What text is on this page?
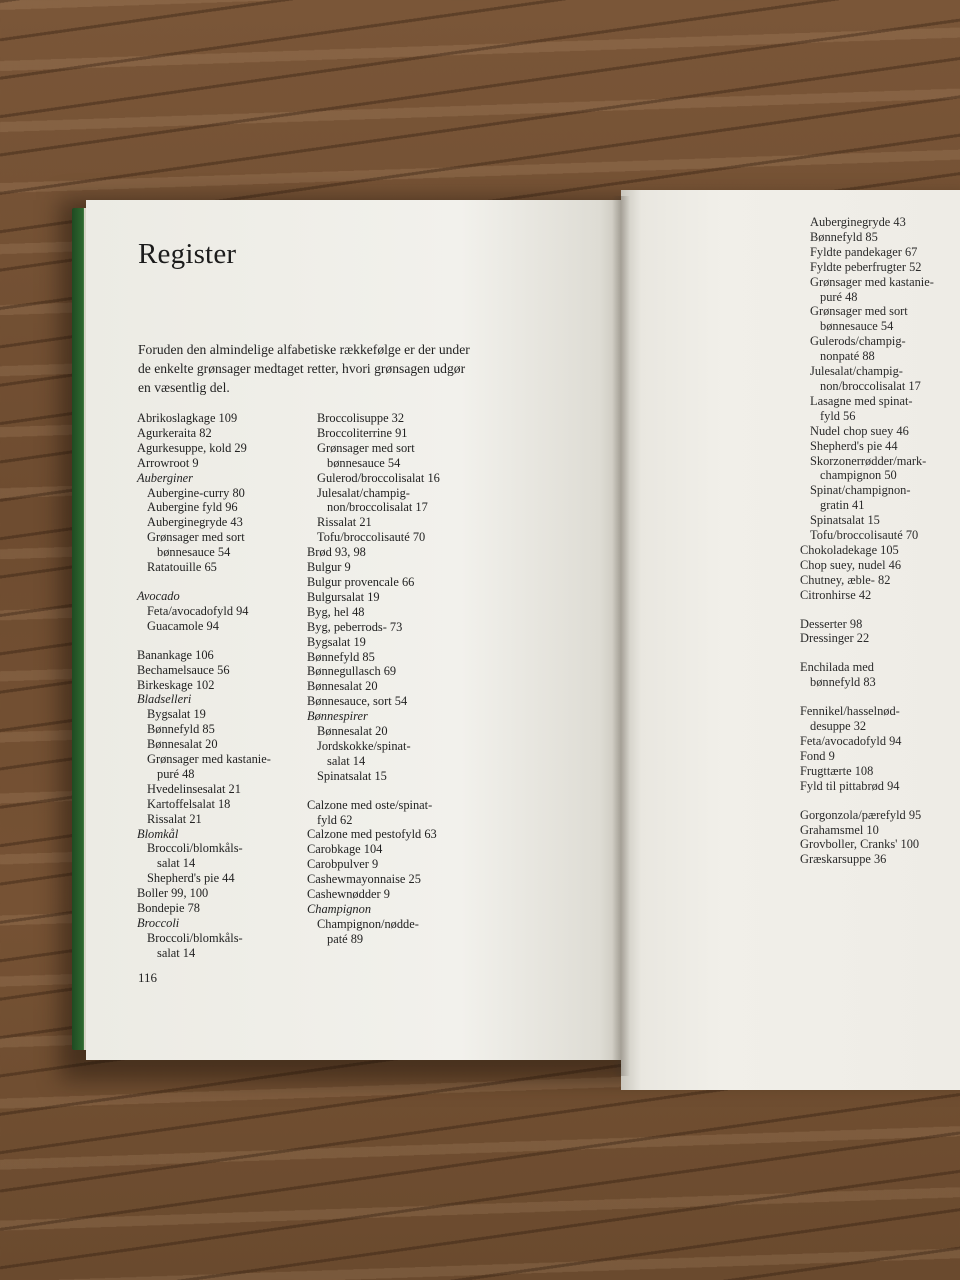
Register

Foruden den almindelige alfabetiske rækkefølge er der under de enkelte grønsager medtaget retter, hvori grønsagen udgør en væsentlig del.

Abrikoslagkage 109
Agurkeraita 82
Agurkesuppe, kold 29
Arrowroot 9
Auberginer
Aubergine-curry 80
Aubergine fyld 96
Auberginegryde 43
Grønsager med sort
bønnesauce 54
Ratatouille 65
Avocado
Feta/avocadofyld 94
Guacamole 94
Banankage 106
Bechamelsauce 56
Birkeskage 102
Bladselleri
Bygsalat 19
Bønnefyld 85
Bønnesalat 20
Grønsager med kastanie-
puré 48
Hvedelinsesalat 21
Kartoffelsalat 18
Rissalat 21
Blomkål
Broccoli/blomkåls-
salat 14
Shepherd's pie 44
Boller 99, 100
Bondepie 78
Broccoli
Broccoli/blomkåls-
salat 14
Broccolisuppe 32
Broccoliterrine 91
Grønsager med sort
bønnesauce 54
Gulerod/broccolisalat 16
Julesalat/champig-
non/broccolisalat 17
Rissalat 21
Tofu/broccolisauté 70
Brød 93, 98
Bulgur 9
Bulgur provencale 66
Bulgursalat 19
Byg, hel 48
Byg, peberrods- 73
Bygsalat 19
Bønnefyld 85
Bønnegullasch 69
Bønnesalat 20
Bønnesauce, sort 54
Bønnespirer
Bønnesalat 20
Jordskokke/spinat-
salat 14
Spinatsalat 15
Calzone med oste/spinat-
fyld 62
Calzone med pestofyld 63
Carobkage 104
Carobpulver 9
Cashewmayonnaise 25
Cashewnødder 9
Champignon
Champignon/nødde-
paté 89
Auberginegryde 43
Bønnefyld 85
Fyldte pandekager 67
Fyldte peberfrugter 52
Grønsager med kastanie-
puré 48
Grønsager med sort
bønnesauce 54
Gulerods/champig-
nonpaté 88
Julesalat/champig-
non/broccolisalat 17
Lasagne med spinat-
fyld 56
Nudel chop suey 46
Shepherd's pie 44
Skorzonerrødder/mark-
champignon 50
Spinat/champignon-
gratin 41
Spinatsalat 15
Tofu/broccolisauté 70
Chokoladekage 105
Chop suey, nudel 46
Chutney, æble- 82
Citronhirse 42
Desserter 98
Dressinger 22
Enchilada med
bønnefyld 83
Fennikel/hasselnød-
desuppe 32
Feta/avocadofyld 94
Fond 9
Frugttærte 108
Fyld til pittabrød 94
Gorgonzola/pærefyld 95
Grahamsmel 10
Grovboller, Cranks' 100
Græskarsuppe 36

116
